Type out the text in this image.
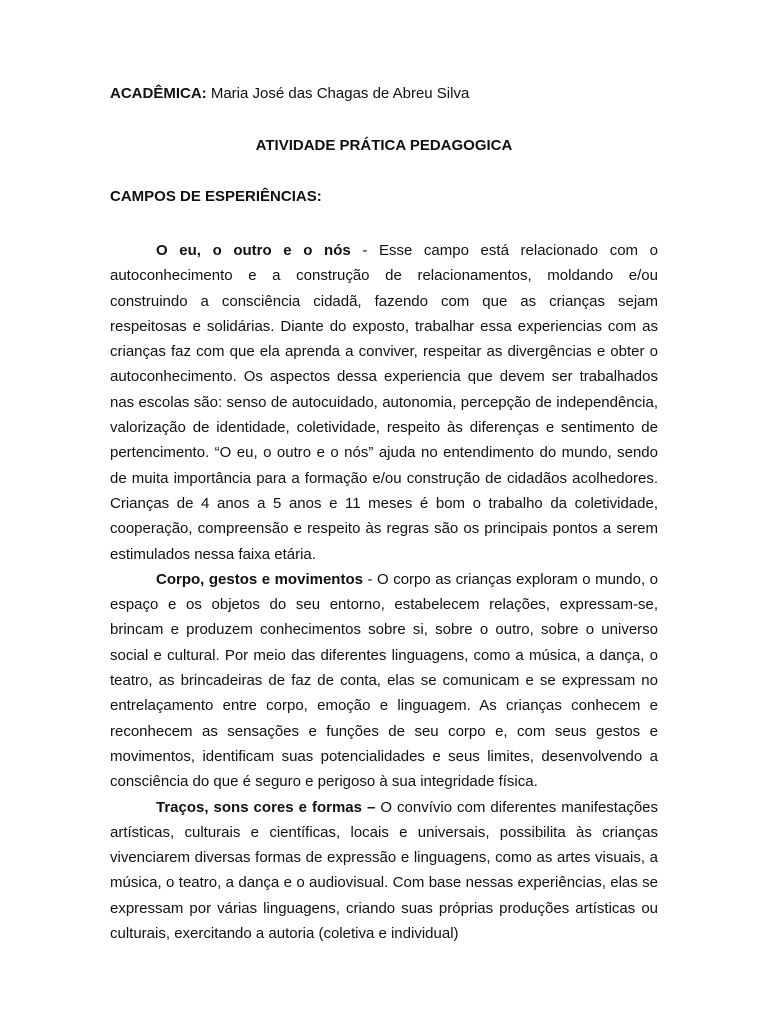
ACADÊMICA: Maria José das Chagas de Abreu Silva

ATIVIDADE PRÁTICA PEDAGOGICA

CAMPOS DE ESPERIÊNCIAS:

O eu, o outro e o nós - Esse campo está relacionado com o autoconhecimento e a construção de relacionamentos, moldando e/ou construindo a consciência cidadã, fazendo com que as crianças sejam respeitosas e solidárias. Diante do exposto, trabalhar essa experiencias com as crianças faz com que ela aprenda a conviver, respeitar as divergências e obter o autoconhecimento. Os aspectos dessa experiencia que devem ser trabalhados nas escolas são: senso de autocuidado, autonomia, percepção de independência, valorização de identidade, coletividade, respeito às diferenças e sentimento de pertencimento. “O eu, o outro e o nós” ajuda no entendimento do mundo, sendo de muita importância para a formação e/ou construção de cidadãos acolhedores. Crianças de 4 anos a 5 anos e 11 meses é bom o trabalho da coletividade, cooperação, compreensão e respeito às regras são os principais pontos a serem estimulados nessa faixa etária.

Corpo, gestos e movimentos - O corpo as crianças exploram o mundo, o espaço e os objetos do seu entorno, estabelecem relações, expressam-se, brincam e produzem conhecimentos sobre si, sobre o outro, sobre o universo social e cultural. Por meio das diferentes linguagens, como a música, a dança, o teatro, as brincadeiras de faz de conta, elas se comunicam e se expressam no entrelaçamento entre corpo, emoção e linguagem. As crianças conhecem e reconhecem as sensações e funções de seu corpo e, com seus gestos e movimentos, identificam suas potencialidades e seus limites, desenvolvendo a consciência do que é seguro e perigoso à sua integridade física.

Traços, sons cores e formas – O convívio com diferentes manifestações artísticas, culturais e científicas, locais e universais, possibilita às crianças vivenciarem diversas formas de expressão e linguagens, como as artes visuais, a música, o teatro, a dança e o audiovisual. Com base nessas experiências, elas se expressam por várias linguagens, criando suas próprias produções artísticas ou culturais, exercitando a autoria (coletiva e individual)
